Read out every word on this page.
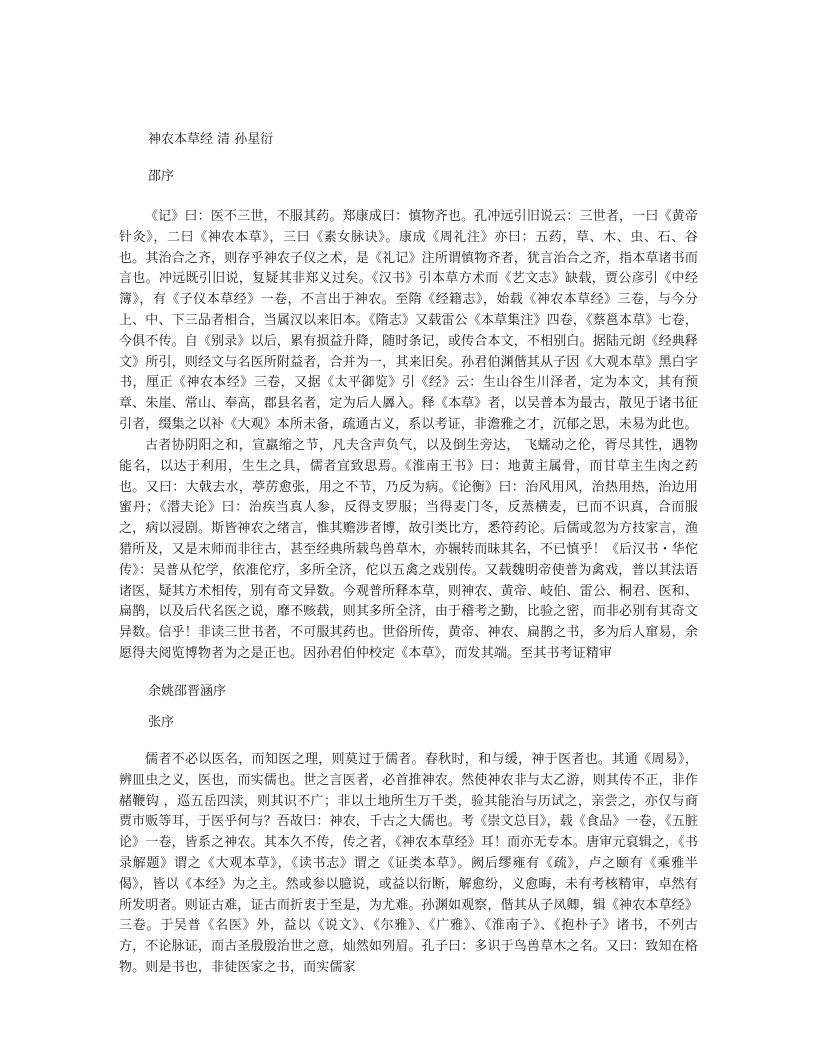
神农本草经 清 孙星衍
邵序

《记》曰：医不三世，不服其药。郑康成曰：慎物齐也。孔冲远引旧说云：三世者，一曰《黄帝针灸》，二曰《神农本草》，三曰《素女脉诀》。康成《周礼注》亦曰：五药，草、木、虫、石、谷也。其治合之齐，则存乎神农子仪之术，是《礼记》注所谓慎物齐者，犹言治合之齐，指本草诸书而言也。冲远既引旧说，复疑其非郑义过矣。《汉书》引本草方术而《艺文志》缺载，贾公彦引《中经簿》，有《子仪本草经》一卷，不言出于神农。至隋《经籍志》，始载《神农本草经》三卷，与今分上、中、下三品者相合，当属汉以来旧本。《隋志》又载雷公《本草集注》四卷，《蔡邕本草》七卷，今俱不传。自《别录》以后，累有损益升降，随时条记，或传合本文，不相别白。据陆元朗《经典释文》所引，则经文与名医所附益者，合并为一，其来旧矣。孙君伯渊偕其从子因《大观本草》黑白字书，厘正《神农本经》三卷，又据《太平御览》引《经》云：生山谷生川泽者，定为本文，其有预章、朱崖、常山、奉高，郡县名者，定为后人羼入。释《本草》者，以吴普本为最古，散见于诸书征引者，缀集之以补《大观》本所未备，疏通古义，系以考证，非澹雅之才，沉郁之思，未易为此也。

古者协阴阳之和，宣羸缩之节，凡夫含声负气，以及倒生旁达， 飞蠕动之伦，胥尽其性，遇物能名，以达于利用，生生之具，儒者宜致思焉。《淮南王书》曰：地黄主属骨，而甘草主生肉之药也。又曰：大戟去水，葶苈愈张，用之不节，乃反为病。《论衡》曰：治风用风，治热用热，治边用蜜丹；《潜夫论》曰：治疾当真人参，反得支罗服；当得麦门冬，反蒸横麦，已而不识真，合而服之，病以浸剧。斯皆神农之绪言，惟其赡涉者博，故引类比方，悉符药论。后儒或忽为方技家言，渔猎所及，又是末师而非往古，甚至经典所载鸟兽草木，亦辗转而昧其名，不已慎乎！《后汉书・华佗传》：吴普从佗学，依准佗疗，多所全济，佗以五禽之戏别传。又载魏明帝使普为禽戏，普以其法语诸医，疑其方术相传，别有奇文异数。今观普所释本草，则神农、黄帝、岐伯、雷公、桐君、医和、扁鹊，以及后代名医之说，靡不赅载，则其多所全济，由于稽考之勤，比验之密，而非必别有其奇文异数。信乎！非读三世书者，不可服其药也。世俗所传，黄帝、神农、扁鹊之书，多为后人窜易，余愿得夫阅览博物者为之是正也。因孙君伯仲校定《本草》，而发其端。至其书考证精审

余姚邵晋涵序
张序

儒者不必以医名，而知医之理，则莫过于儒者。春秋时，和与缓，神于医者也。其通《周易》，辨皿虫之义，医也，而实儒也。世之言医者，必首推神农。然使神农非与太乙游，则其传不正，非作赭鞭钩 ，巡五岳四渎，则其识不广；非以土地所生万千类，验其能治与历试之，亲尝之，亦仅与商贾市贩等耳，于医乎何与？吾故曰：神农，千古之大儒也。考《崇文总目》，载《食品》一卷，《五脏论》一卷，皆系之神农。其本久不传，传之者，《神农本草经》耳！而亦无专本。唐审元裒辑之，《书录解题》谓之《大观本草》，《读书志》谓之《证类本草》。阙后缪雍有《疏》，卢之颐有《乘雅半偈》，皆以《本经》为之主。然或参以臆说，或益以衍断，解愈纷，义愈晦，未有考核精审，卓然有所发明者。则证古难，证古而折衷于至是，为尤难。孙渊如观察，偕其从子凤卿，辑《神农本草经》三卷。于吴普《名医》外，益以《说文》、《尔雅》、《广雅》、《淮南子》、《抱朴子》诸书，不列古方，不论脉证，而古圣殷殷治世之意，灿然如列眉。孔子曰：多识于鸟兽草木之名。又曰：致知在格物。则是书也，非徒医家之书，而实儒家
